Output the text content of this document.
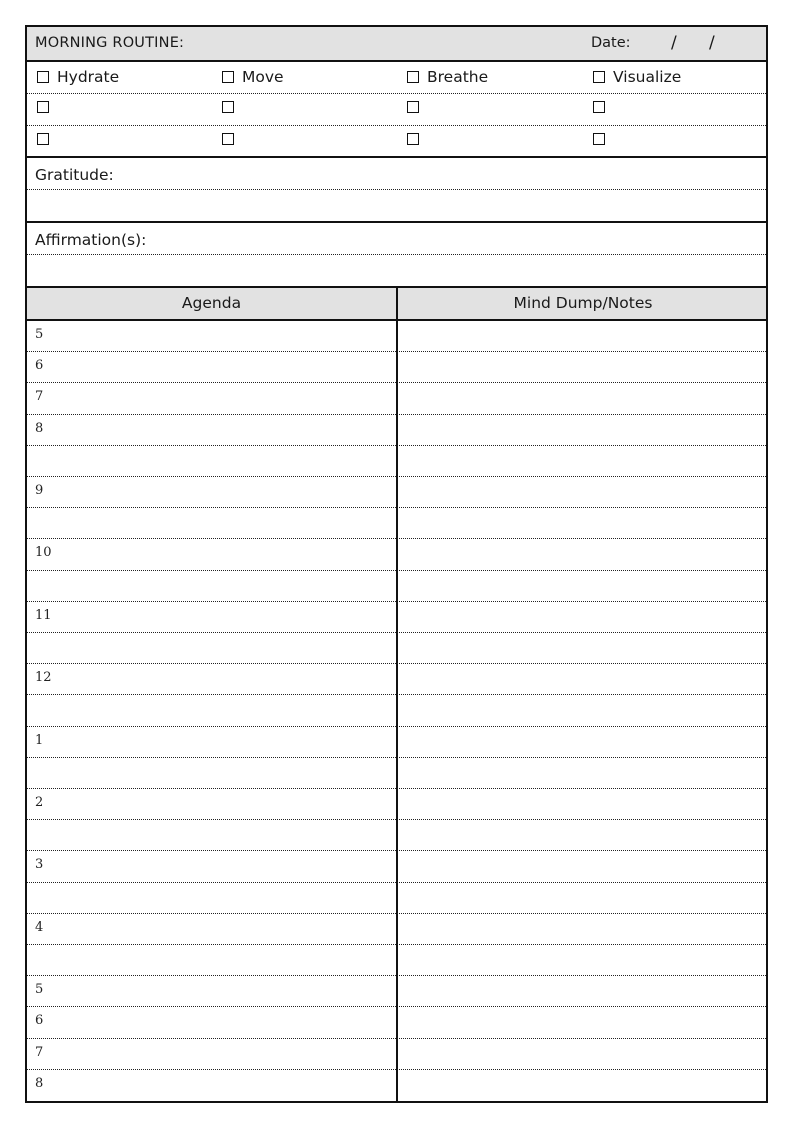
MORNING ROUTINE:	Date: / /
Hydrate	Move	Breathe	Visualize
Gratitude:
Affirmation(s):
Agenda	Mind Dump/Notes
5
6
7
8
9
10
11
12
1
2
3
4
5
6
7
8
